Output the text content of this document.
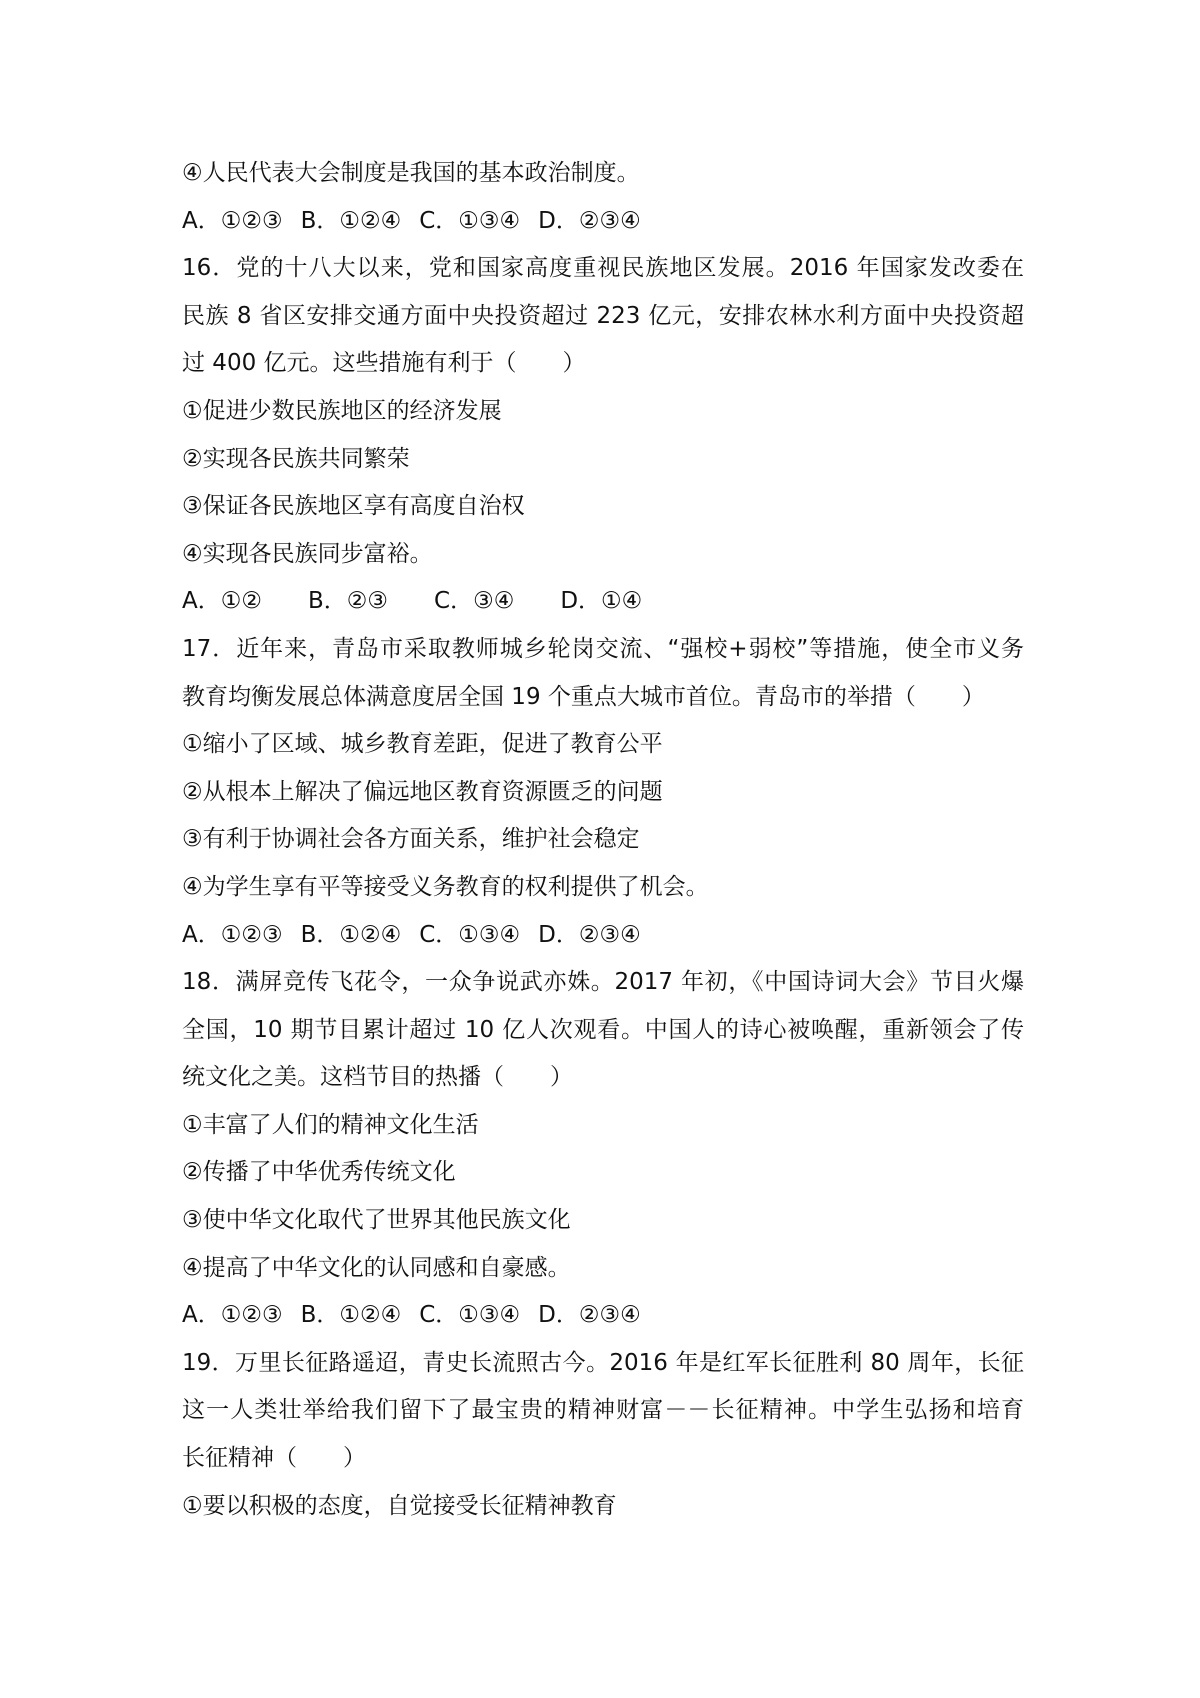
④人民代表大会制度是我国的基本政治制度。
A．①②③ B．①②④ C．①③④ D．②③④
16．党的十八大以来，党和国家高度重视民族地区发展。2016 年国家发改委在
民族 8 省区安排交通方面中央投资超过 223 亿元，安排农林水利方面中央投资超
过 400 亿元。这些措施有利于（　　）
①促进少数民族地区的经济发展
②实现各民族共同繁荣
③保证各民族地区享有高度自治权
④实现各民族同步富裕。
A．①② B．②③ C．③④ D．①④
17．近年来，青岛市采取教师城乡轮岗交流、“强校+弱校”等措施，使全市义务
教育均衡发展总体满意度居全国 19 个重点大城市首位。青岛市的举措（　　）
①缩小了区域、城乡教育差距，促进了教育公平
②从根本上解决了偏远地区教育资源匮乏的问题
③有利于协调社会各方面关系，维护社会稳定
④为学生享有平等接受义务教育的权利提供了机会。
A．①②③ B．①②④ C．①③④ D．②③④
18．满屏竞传飞花令，一众争说武亦姝。2017 年初，《中国诗词大会》节目火爆
全国，10 期节目累计超过 10 亿人次观看。中国人的诗心被唤醒，重新领会了传
统文化之美。这档节目的热播（　　）
①丰富了人们的精神文化生活
②传播了中华优秀传统文化
③使中华文化取代了世界其他民族文化
④提高了中华文化的认同感和自豪感。
A．①②③ B．①②④ C．①③④ D．②③④
19．万里长征路遥迢，青史长流照古今。2016 年是红军长征胜利 80 周年，长征
这一人类壮举给我们留下了最宝贵的精神财富－－长征精神。中学生弘扬和培育
长征精神（　　）
①要以积极的态度，自觉接受长征精神教育
